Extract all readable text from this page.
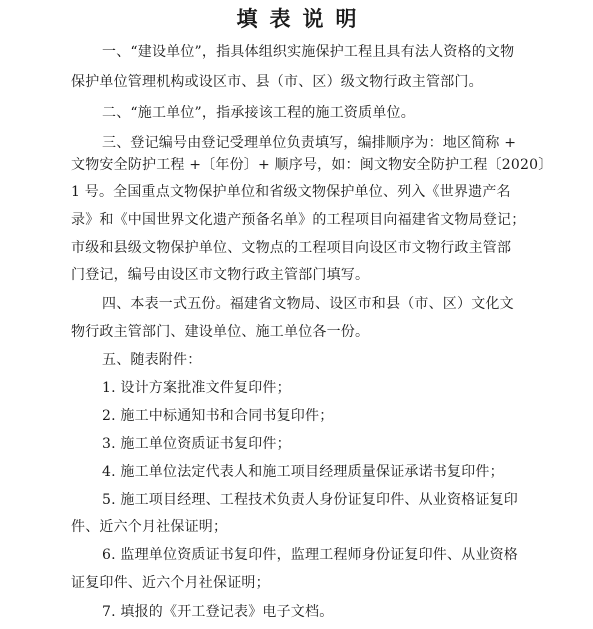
填表说明
一、“建设单位”，指具体组织实施保护工程且具有法人资格的文物
保护单位管理机构或设区市、县（市、区）级文物行政主管部门。
二、“施工单位”，指承接该工程的施工资质单位。
三、登记编号由登记受理单位负责填写，编排顺序为：地区简称 +
文物安全防护工程 +〔年份〕+ 顺序号，如：闽文物安全防护工程〔2020〕
1 号。全国重点文物保护单位和省级文物保护单位、列入《世界遗产名
录》和《中国世界文化遗产预备名单》的工程项目向福建省文物局登记；
市级和县级文物保护单位、文物点的工程项目向设区市文物行政主管部
门登记，编号由设区市文物行政主管部门填写。
四、本表一式五份。福建省文物局、设区市和县（市、区）文化文
物行政主管部门、建设单位、施工单位各一份。
五、随表附件：
1. 设计方案批准文件复印件；
2. 施工中标通知书和合同书复印件；
3. 施工单位资质证书复印件；
4. 施工单位法定代表人和施工项目经理质量保证承诺书复印件；
5. 施工项目经理、工程技术负责人身份证复印件、从业资格证复印
件、近六个月社保证明；
6. 监理单位资质证书复印件，监理工程师身份证复印件、从业资格
证复印件、近六个月社保证明；
7. 填报的《开工登记表》电子文档。
